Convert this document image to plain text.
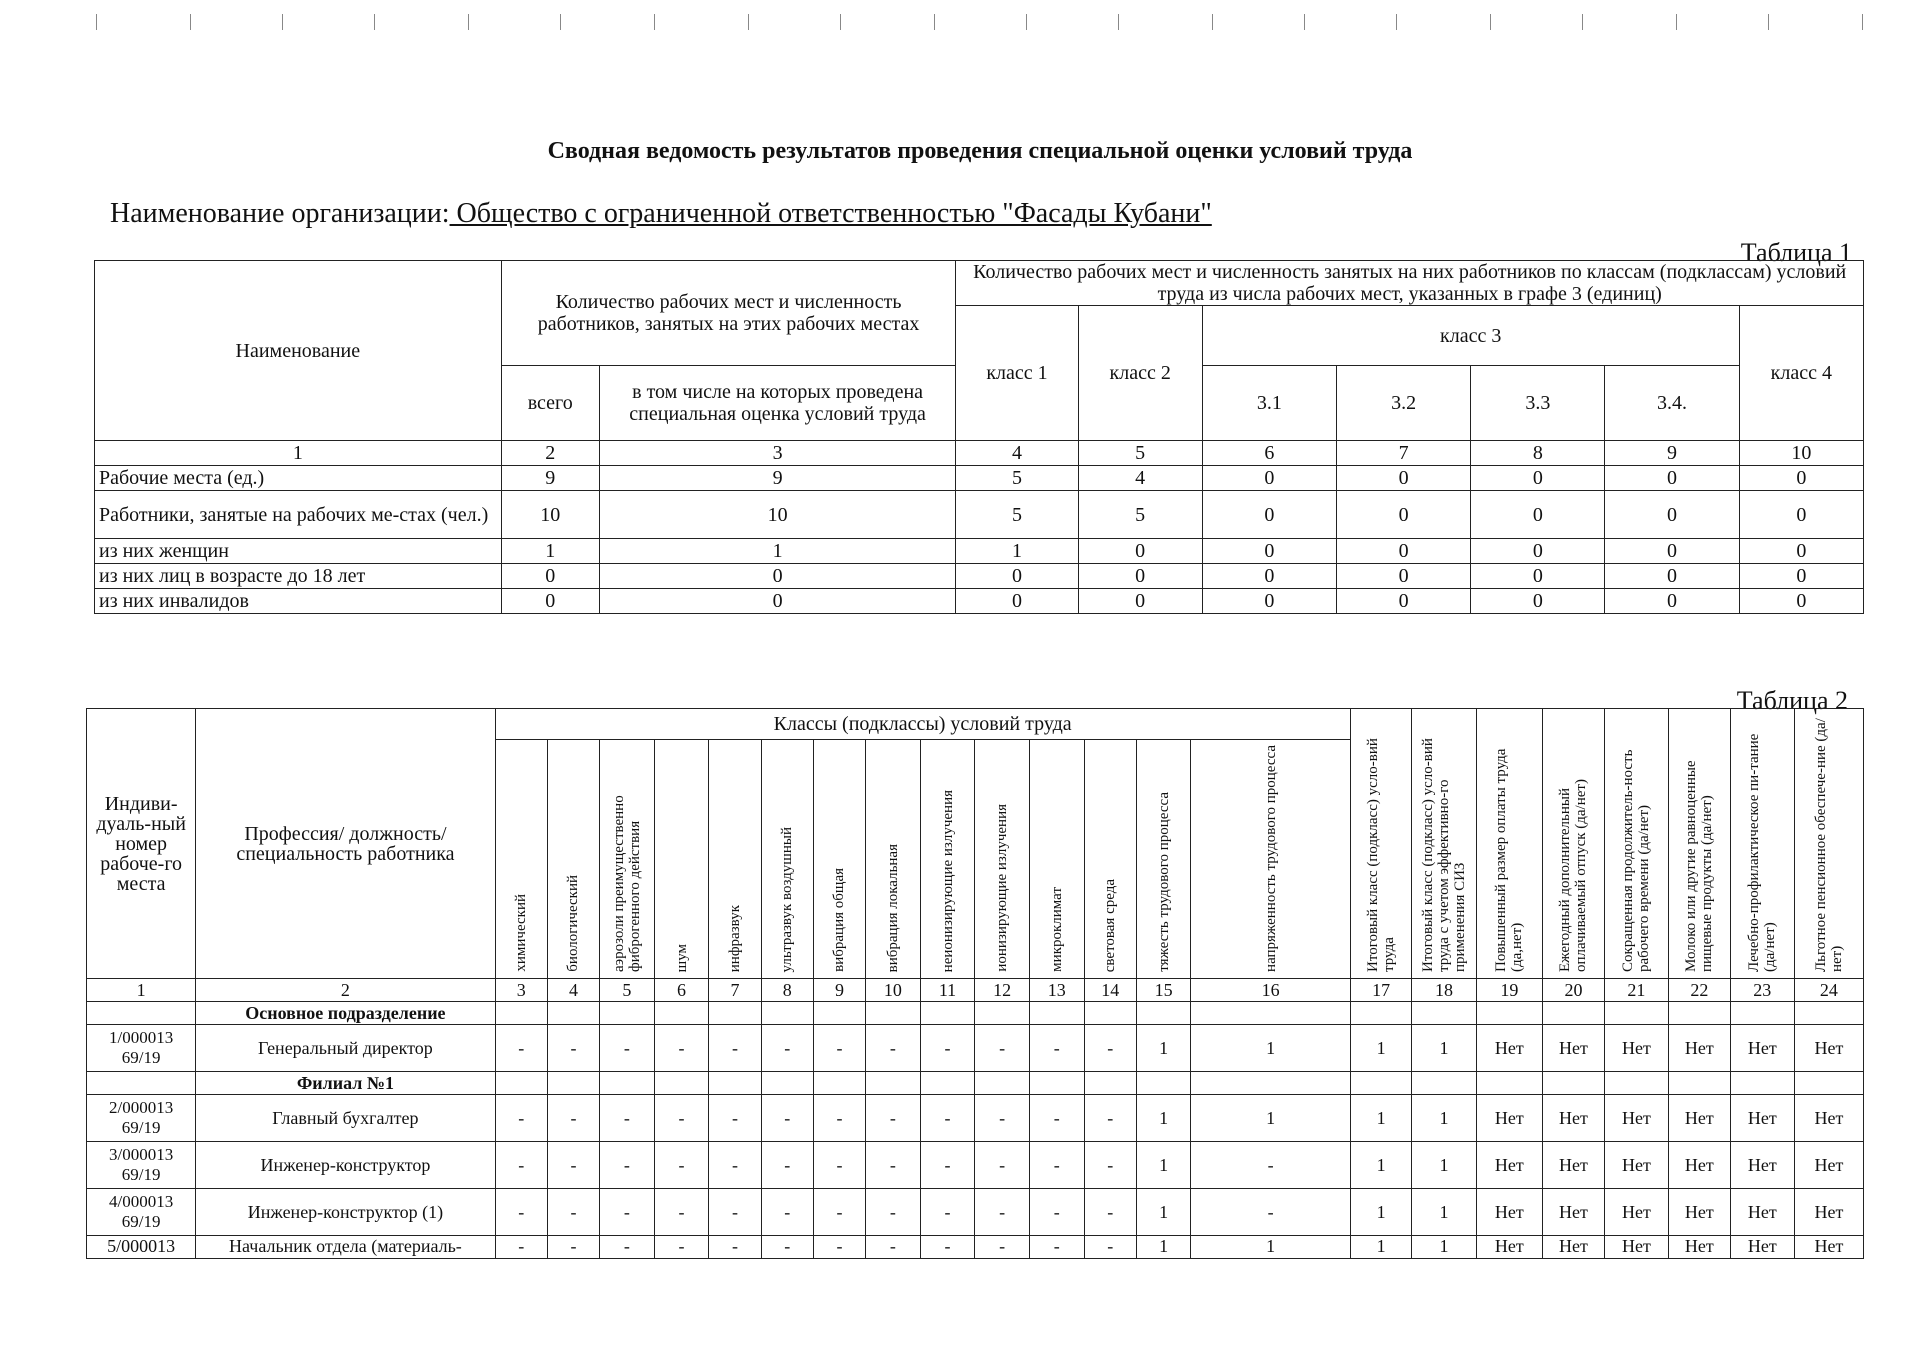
Сводная ведомость результатов проведения специальной оценки условий труда
Наименование организации: Общество с ограниченной ответственностью "Фасады Кубани"
Таблица 1
Наименование	Количество рабочих мест и численность работников, занятых на этих рабочих местах		Количество рабочих мест и численность занятых на них работников по классам (подклассам) условий труда из числа рабочих мест, указанных в графе 3 (единиц)						
			класс 1	класс 2	класс 3				класс 4
	всего	в том числе на которых проведена специальная оценка условий труда			3.1	3.2	3.3	3.4.	
1	2	3	4	5	6	7	8	9	10
Рабочие места (ед.)	9	9	5	4	0	0	0	0	0
Работники, занятые на рабочих ме-стах (чел.)	10	10	5	5	0	0	0	0	0
из них женщин	1	1	1	0	0	0	0	0	0
из них лиц в возрасте до 18 лет	0	0	0	0	0	0	0	0	0
из них инвалидов	0	0	0	0	0	0	0	0	0
Таблица 2
Индиви-дуаль-ный номер рабоче-го места	Профессия/ должность/ специальность работника	Классы (подклассы) условий труда														Итоговый класс (подкласс) усло-вий труда	Итоговый класс (подкласс) усло-вий труда с учетом эффективно-го применения СИЗ	Повышенный размер оплаты труда (да,нет)	Ежегодный дополнительный оплачиваемый отпуск (да/нет)	Сокращенная продолжитель-ность рабочего времени (да/нет)	Молоко или другие равноценные пищевые продукты (да/нет)	Лечебно-профилактическое пи-тание (да/нет)	Льготное пенсионное обеспече-ние (да/нет)
		химический	биологический	аэрозоли преимущественно фиброгенного действия	шум	инфразвук	ультразвук воздушный	вибрация общая	вибрация локальная	неионизирующие излучения	ионизирующие излучения	микроклимат	световая среда	тяжесть трудового процесса	напряженность трудового процесса								
1	2	3	4	5	6	7	8	9	10	11	12	13	14	15	16	17	18	19	20	21	22	23	24
	Основное подразделение																						
1/000013 69/19	Генеральный директор	-	-	-	-	-	-	-	-	-	-	-	-	1	1	1	1	Нет	Нет	Нет	Нет	Нет	Нет
	Филиал №1																						
2/000013 69/19	Главный бухгалтер	-	-	-	-	-	-	-	-	-	-	-	-	1	1	1	1	Нет	Нет	Нет	Нет	Нет	Нет
3/000013 69/19	Инженер-конструктор	-	-	-	-	-	-	-	-	-	-	-	-	1	-	1	1	Нет	Нет	Нет	Нет	Нет	Нет
4/000013 69/19	Инженер-конструктор (1)	-	-	-	-	-	-	-	-	-	-	-	-	1	-	1	1	Нет	Нет	Нет	Нет	Нет	Нет
5/000013	Начальник отдела (материаль-	-	-	-	-	-	-	-	-	-	-	-	-	1	1	1	1	Нет	Нет	Нет	Нет	Нет	Нет
